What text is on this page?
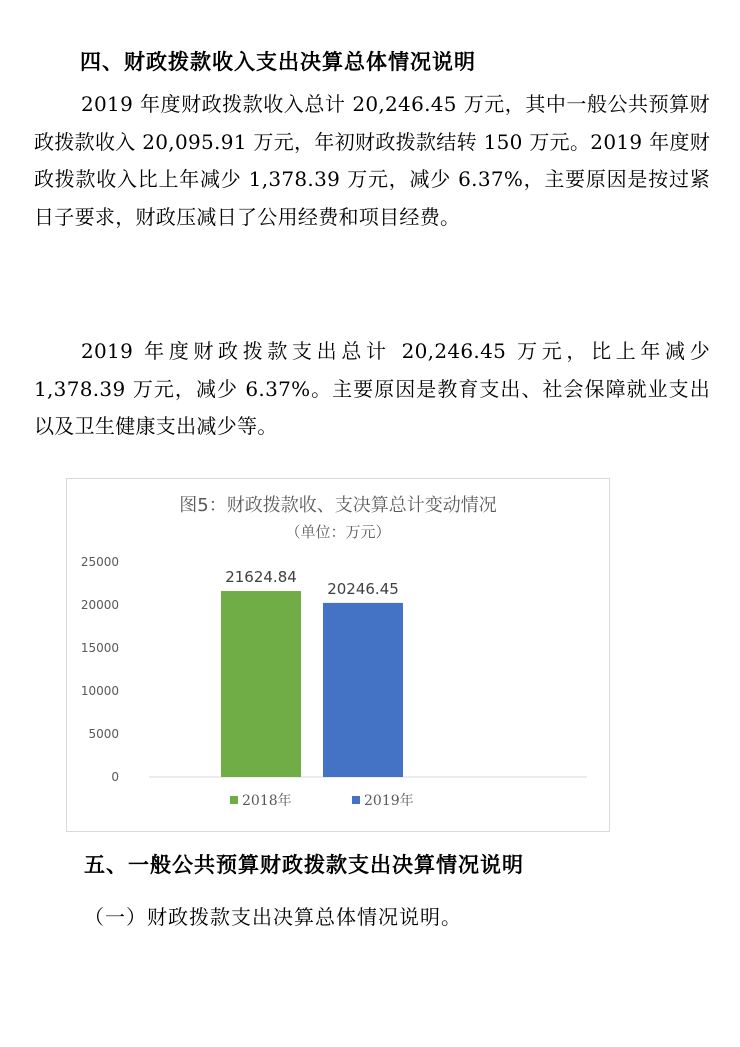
四、财政拨款收入支出决算总体情况说明

2019 年度财政拨款收入总计 20,246.45 万元，其中一般公共预算财政拨款收入 20,095.91 万元，年初财政拨款结转 150 万元。2019 年度财政拨款收入比上年减少 1,378.39 万元，减少 6.37%，主要原因是按过紧日子要求，财政压减日了公用经费和项目经费。

2019 年度财政拨款支出总计 20,246.45 万元，比上年减少 1,378.39 万元，减少 6.37%。主要原因是教育支出、社会保障就业支出以及卫生健康支出减少等。

图5：财政拨款收、支决算总计变动情况
（单位：万元）
0
5000
10000
15000
20000
25000
21624.84
20246.45
2018年	2019年
五、一般公共预算财政拨款支出决算情况说明
（一）财政拨款支出决算总体情况说明。
